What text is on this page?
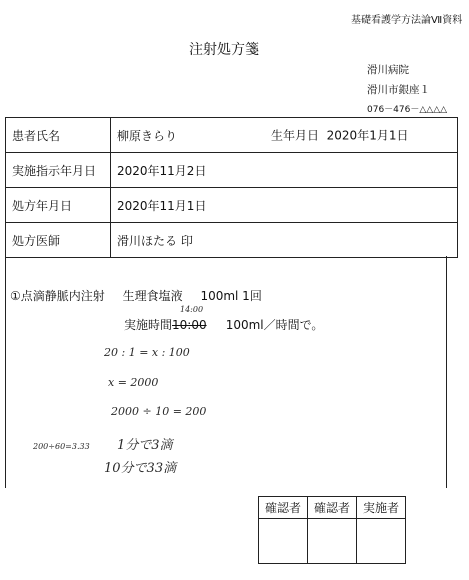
基礎看護学方法論Ⅶ資料
注射処方箋
滑川病院
滑川市銀座１
076－476－△△△△
患者氏名	柳原きらり 生年月日 2020年1月1日

実施指示年月日	2020年11月2日
処方年月日	2020年11月1日
処方医師	滑川ほたる 印
①点滴静脈内注射 生理食塩液 100ml 1回
実施時間10:00 100ml／時間で。
14:00
20 : 1 = x : 100
x = 2000
2000 ÷ 10 = 200
1分で3滴
10分で33滴
200÷60=3.33
確認者	確認者	実施者
